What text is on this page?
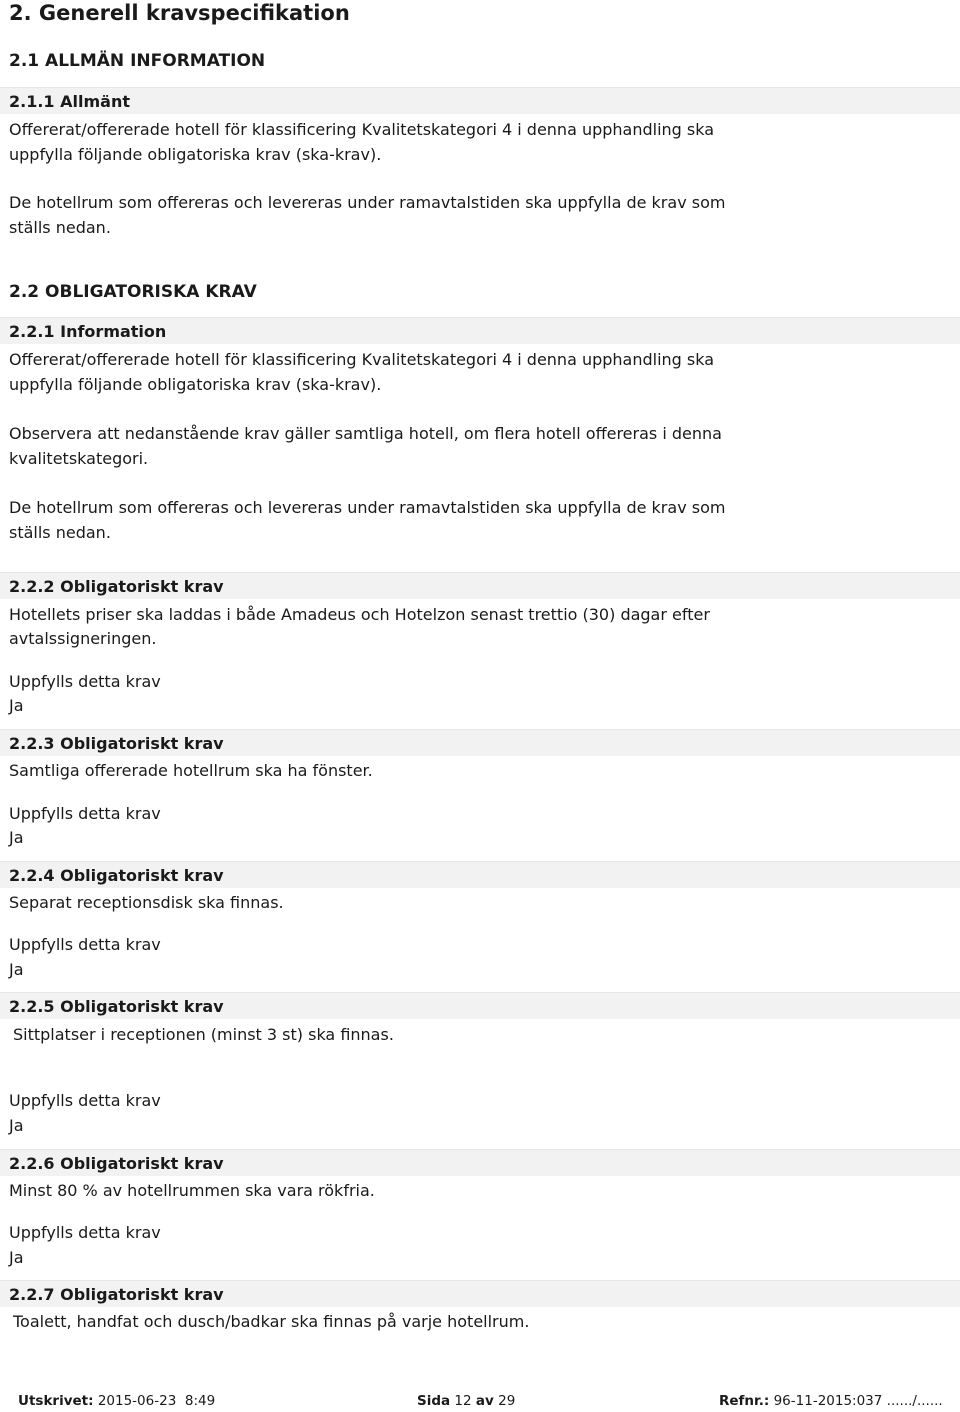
2. Generell kravspecifikation
2.1 ALLMÄN INFORMATION
2.1.1 Allmänt
Offererat/offererade hotell för klassificering Kvalitetskategori 4 i denna upphandling ska
uppfylla följande obligatoriska krav (ska-krav).
De hotellrum som offereras och levereras under ramavtalstiden ska uppfylla de krav som
ställs nedan.
2.2 OBLIGATORISKA KRAV
2.2.1 Information
Offererat/offererade hotell för klassificering Kvalitetskategori 4 i denna upphandling ska
uppfylla följande obligatoriska krav (ska-krav).
Observera att nedanstående krav gäller samtliga hotell, om flera hotell offereras i denna
kvalitetskategori.
De hotellrum som offereras och levereras under ramavtalstiden ska uppfylla de krav som
ställs nedan.
2.2.2 Obligatoriskt krav
Hotellets priser ska laddas i både Amadeus och Hotelzon senast trettio (30) dagar efter
avtalssigneringen.
Uppfylls detta krav
Ja
2.2.3 Obligatoriskt krav
Samtliga offererade hotellrum ska ha fönster.
Uppfylls detta krav
Ja
2.2.4 Obligatoriskt krav
Separat receptionsdisk ska finnas.
Uppfylls detta krav
Ja
2.2.5 Obligatoriskt krav
Sittplatser i receptionen (minst 3 st) ska finnas.
Uppfylls detta krav
Ja
2.2.6 Obligatoriskt krav
Minst 80 % av hotellrummen ska vara rökfria.
Uppfylls detta krav
Ja
2.2.7 Obligatoriskt krav
Toalett, handfat och dusch/badkar ska finnas på varje hotellrum.
Utskrivet: 2015-06-23  8:49	Sida 12 av 29	Refnr.: 96-11-2015:037 ....../......
